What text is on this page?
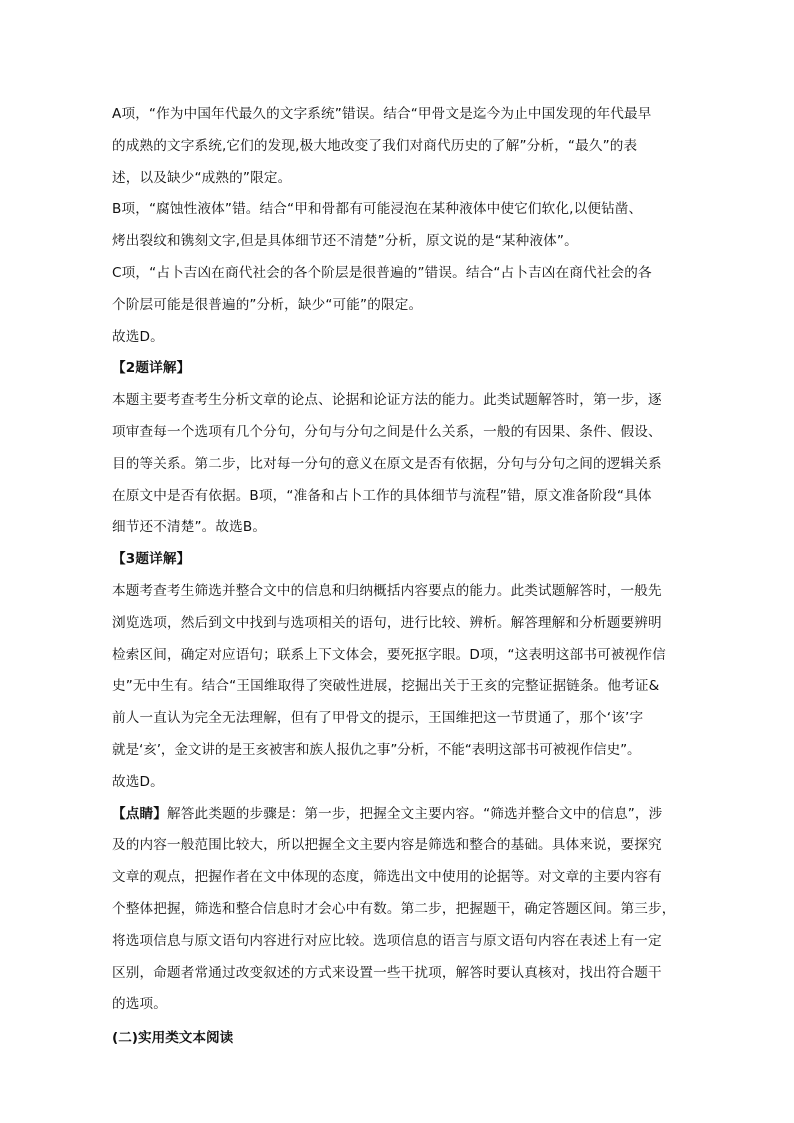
A项，“作为中国年代最久的文字系统”错误。结合“甲骨文是迄今为止中国发现的年代最早
的成熟的文字系统,它们的发现,极大地改变了我们对商代历史的了解”分析，“最久”的表
述，以及缺少“成熟的”限定。
B项，“腐蚀性液体”错。结合“甲和骨都有可能浸泡在某种液体中使它们软化,以便钻凿、
烤出裂纹和镌刻文字,但是具体细节还不清楚”分析，原文说的是“某种液体”。
C项，“占卜吉凶在商代社会的各个阶层是很普遍的”错误。结合“占卜吉凶在商代社会的各
个阶层可能是很普遍的”分析，缺少“可能”的限定。
故选D。
【2题详解】
本题主要考查考生分析文章的论点、论据和论证方法的能力。此类试题解答时，第一步，逐
项审查每一个选项有几个分句，分句与分句之间是什么关系，一般的有因果、条件、假设、
目的等关系。第二步，比对每一分句的意义在原文是否有依据，分句与分句之间的逻辑关系
在原文中是否有依据。B项，“准备和占卜工作的具体细节与流程”错，原文准备阶段“具体
细节还不清楚”。故选B。
【3题详解】
本题考查考生筛选并整合文中的信息和归纳概括内容要点的能力。此类试题解答时，一般先
浏览选项，然后到文中找到与选项相关的语句，进行比较、辨析。解答理解和分析题要辨明
检索区间，确定对应语句；联系上下文体会，要死抠字眼。D项，“这表明这部书可被视作信
史”无中生有。结合“王国维取得了突破性进展，挖掘出关于王亥的完整证据链条。他考证&
前人一直认为完全无法理解，但有了甲骨文的提示，王国维把这一节贯通了，那个‘该’字
就是‘亥’，金文讲的是王亥被害和族人报仇之事”分析，不能“表明这部书可被视作信史”。
故选D。
【点睛】解答此类题的步骤是：第一步，把握全文主要内容。“筛选并整合文中的信息”，涉
及的内容一般范围比较大，所以把握全文主要内容是筛选和整合的基础。具体来说，要探究
文章的观点，把握作者在文中体现的态度，筛选出文中使用的论据等。对文章的主要内容有
个整体把握，筛选和整合信息时才会心中有数。第二步，把握题干，确定答题区间。第三步，
将选项信息与原文语句内容进行对应比较。选项信息的语言与原文语句内容在表述上有一定
区别，命题者常通过改变叙述的方式来设置一些干扰项，解答时要认真核对，找出符合题干
的选项。
(二)实用类文本阅读
